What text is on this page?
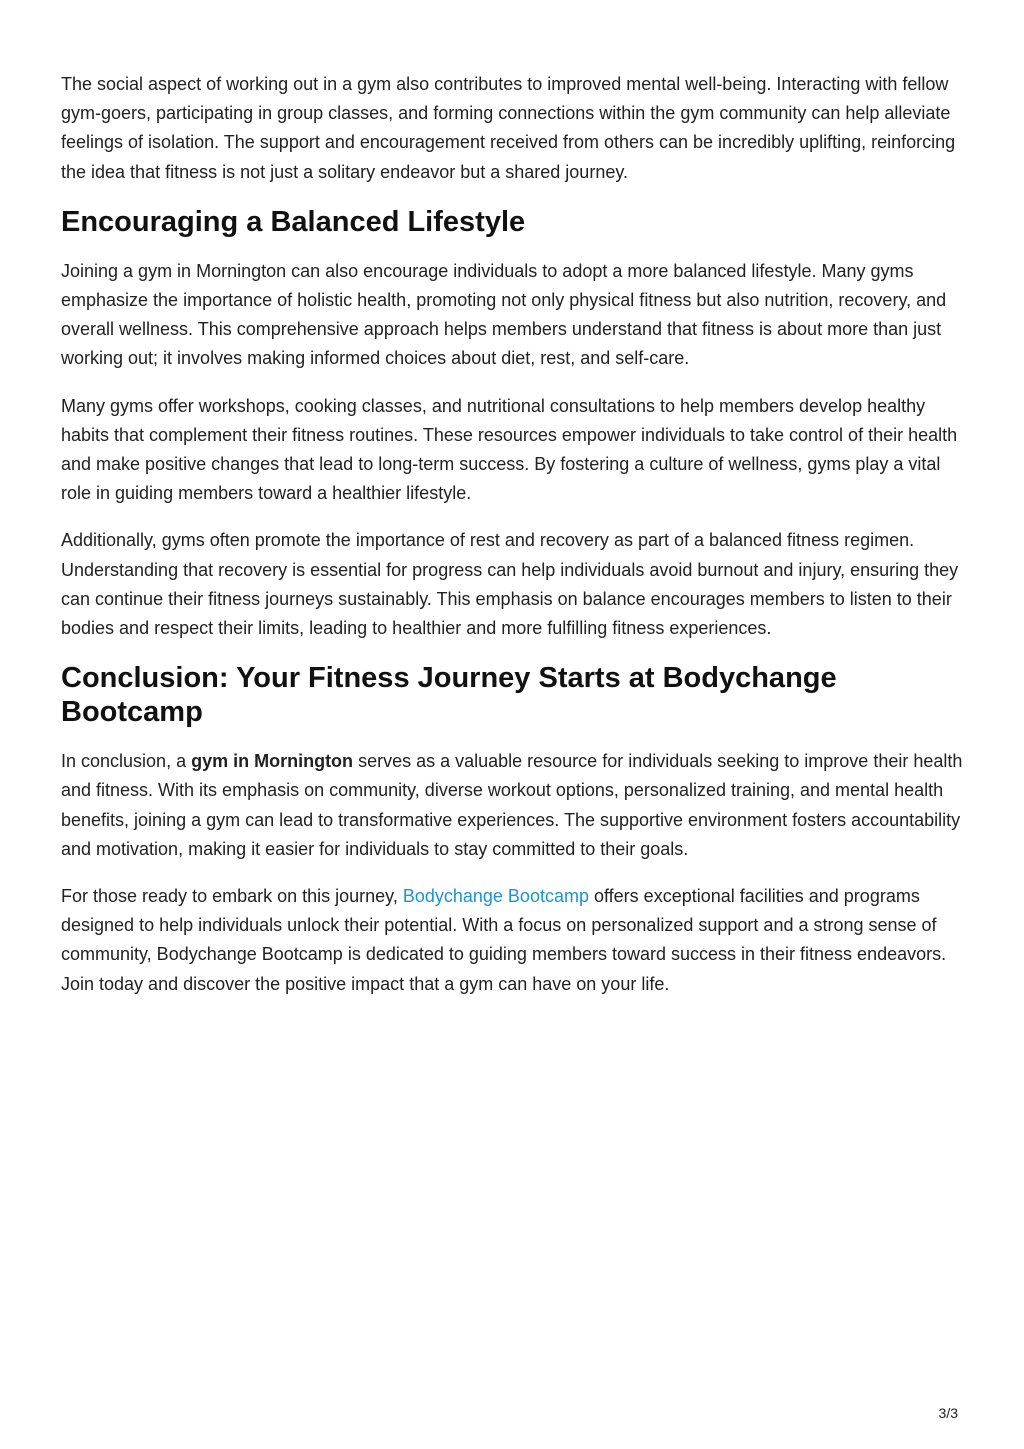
The social aspect of working out in a gym also contributes to improved mental well-being. Interacting with fellow gym-goers, participating in group classes, and forming connections within the gym community can help alleviate feelings of isolation. The support and encouragement received from others can be incredibly uplifting, reinforcing the idea that fitness is not just a solitary endeavor but a shared journey.

Encouraging a Balanced Lifestyle

Joining a gym in Mornington can also encourage individuals to adopt a more balanced lifestyle. Many gyms emphasize the importance of holistic health, promoting not only physical fitness but also nutrition, recovery, and overall wellness. This comprehensive approach helps members understand that fitness is about more than just working out; it involves making informed choices about diet, rest, and self-care.

Many gyms offer workshops, cooking classes, and nutritional consultations to help members develop healthy habits that complement their fitness routines. These resources empower individuals to take control of their health and make positive changes that lead to long-term success. By fostering a culture of wellness, gyms play a vital role in guiding members toward a healthier lifestyle.

Additionally, gyms often promote the importance of rest and recovery as part of a balanced fitness regimen. Understanding that recovery is essential for progress can help individuals avoid burnout and injury, ensuring they can continue their fitness journeys sustainably. This emphasis on balance encourages members to listen to their bodies and respect their limits, leading to healthier and more fulfilling fitness experiences.

Conclusion: Your Fitness Journey Starts at Bodychange Bootcamp

In conclusion, a gym in Mornington serves as a valuable resource for individuals seeking to improve their health and fitness. With its emphasis on community, diverse workout options, personalized training, and mental health benefits, joining a gym can lead to transformative experiences. The supportive environment fosters accountability and motivation, making it easier for individuals to stay committed to their goals.

For those ready to embark on this journey, Bodychange Bootcamp offers exceptional facilities and programs designed to help individuals unlock their potential. With a focus on personalized support and a strong sense of community, Bodychange Bootcamp is dedicated to guiding members toward success in their fitness endeavors. Join today and discover the positive impact that a gym can have on your life.

3/3
